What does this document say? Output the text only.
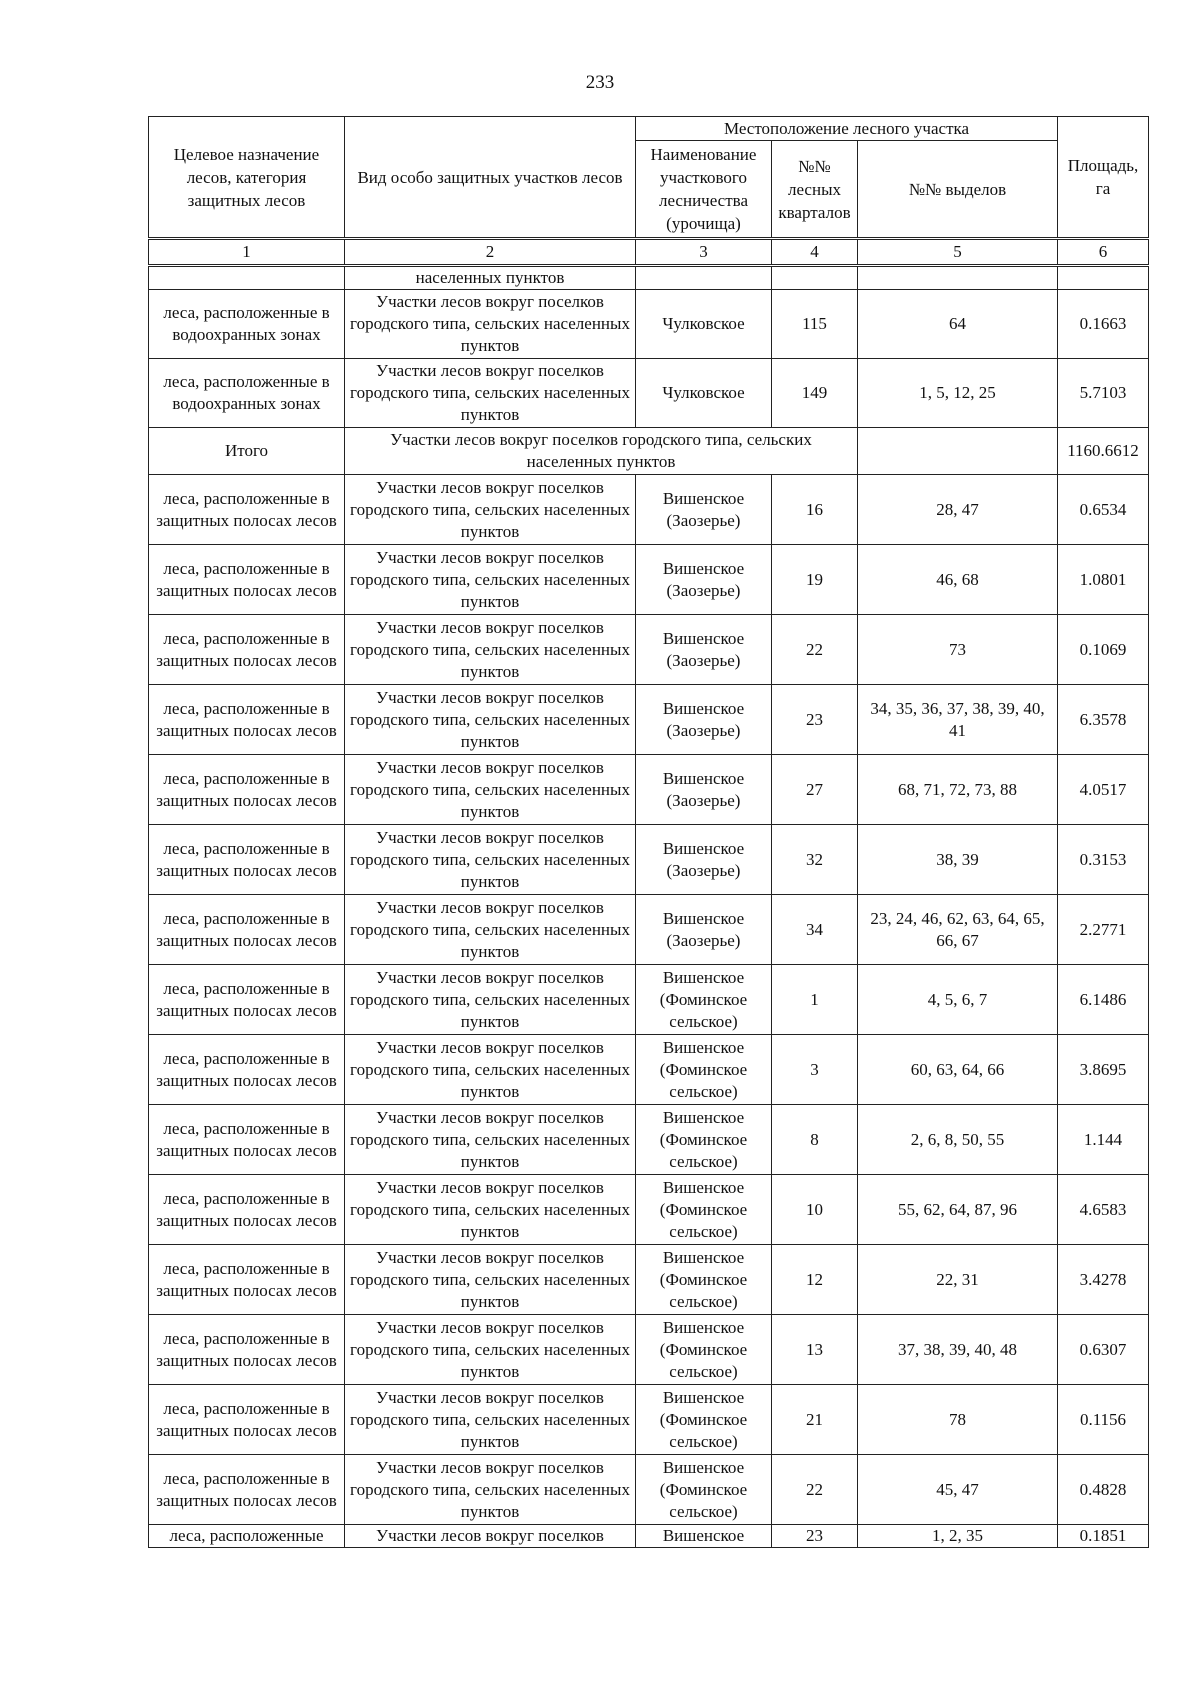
233
Целевое назначение лесов, категория защитных лесов	Вид особо защитных участков лесов	Местоположение лесного участка			Площадь, га
		Наименование участкового лесничества (урочища)	№№ лесных кварталов	№№ выделов	
1	2	3	4	5	6
	населенных пунктов				
леса, расположенные в водоохранных зонах	Участки лесов вокруг поселков городского типа, сельских населенных пунктов	Чулковское	115	64	0.1663
леса, расположенные в водоохранных зонах	Участки лесов вокруг поселков городского типа, сельских населенных пунктов	Чулковское	149	1, 5, 12, 25	5.7103
Итого	Участки лесов вокруг поселков городского типа, сельских населенных пунктов				1160.6612
леса, расположенные в защитных полосах лесов	Участки лесов вокруг поселков городского типа, сельских населенных пунктов	Вишенское (Заозерье)	16	28, 47	0.6534
леса, расположенные в защитных полосах лесов	Участки лесов вокруг поселков городского типа, сельских населенных пунктов	Вишенское (Заозерье)	19	46, 68	1.0801
леса, расположенные в защитных полосах лесов	Участки лесов вокруг поселков городского типа, сельских населенных пунктов	Вишенское (Заозерье)	22	73	0.1069
леса, расположенные в защитных полосах лесов	Участки лесов вокруг поселков городского типа, сельских населенных пунктов	Вишенское (Заозерье)	23	34, 35, 36, 37, 38, 39, 40, 41	6.3578
леса, расположенные в защитных полосах лесов	Участки лесов вокруг поселков городского типа, сельских населенных пунктов	Вишенское (Заозерье)	27	68, 71, 72, 73, 88	4.0517
леса, расположенные в защитных полосах лесов	Участки лесов вокруг поселков городского типа, сельских населенных пунктов	Вишенское (Заозерье)	32	38, 39	0.3153
леса, расположенные в защитных полосах лесов	Участки лесов вокруг поселков городского типа, сельских населенных пунктов	Вишенское (Заозерье)	34	23, 24, 46, 62, 63, 64, 65, 66, 67	2.2771
леса, расположенные в защитных полосах лесов	Участки лесов вокруг поселков городского типа, сельских населенных пунктов	Вишенское (Фоминское сельское)	1	4, 5, 6, 7	6.1486
леса, расположенные в защитных полосах лесов	Участки лесов вокруг поселков городского типа, сельских населенных пунктов	Вишенское (Фоминское сельское)	3	60, 63, 64, 66	3.8695
леса, расположенные в защитных полосах лесов	Участки лесов вокруг поселков городского типа, сельских населенных пунктов	Вишенское (Фоминское сельское)	8	2, 6, 8, 50, 55	1.144
леса, расположенные в защитных полосах лесов	Участки лесов вокруг поселков городского типа, сельских населенных пунктов	Вишенское (Фоминское сельское)	10	55, 62, 64, 87, 96	4.6583
леса, расположенные в защитных полосах лесов	Участки лесов вокруг поселков городского типа, сельских населенных пунктов	Вишенское (Фоминское сельское)	12	22, 31	3.4278
леса, расположенные в защитных полосах лесов	Участки лесов вокруг поселков городского типа, сельских населенных пунктов	Вишенское (Фоминское сельское)	13	37, 38, 39, 40, 48	0.6307
леса, расположенные в защитных полосах лесов	Участки лесов вокруг поселков городского типа, сельских населенных пунктов	Вишенское (Фоминское сельское)	21	78	0.1156
леса, расположенные в защитных полосах лесов	Участки лесов вокруг поселков городского типа, сельских населенных пунктов	Вишенское (Фоминское сельское)	22	45, 47	0.4828
леса, расположенные	Участки лесов вокруг поселков	Вишенское	23	1, 2, 35	0.1851
